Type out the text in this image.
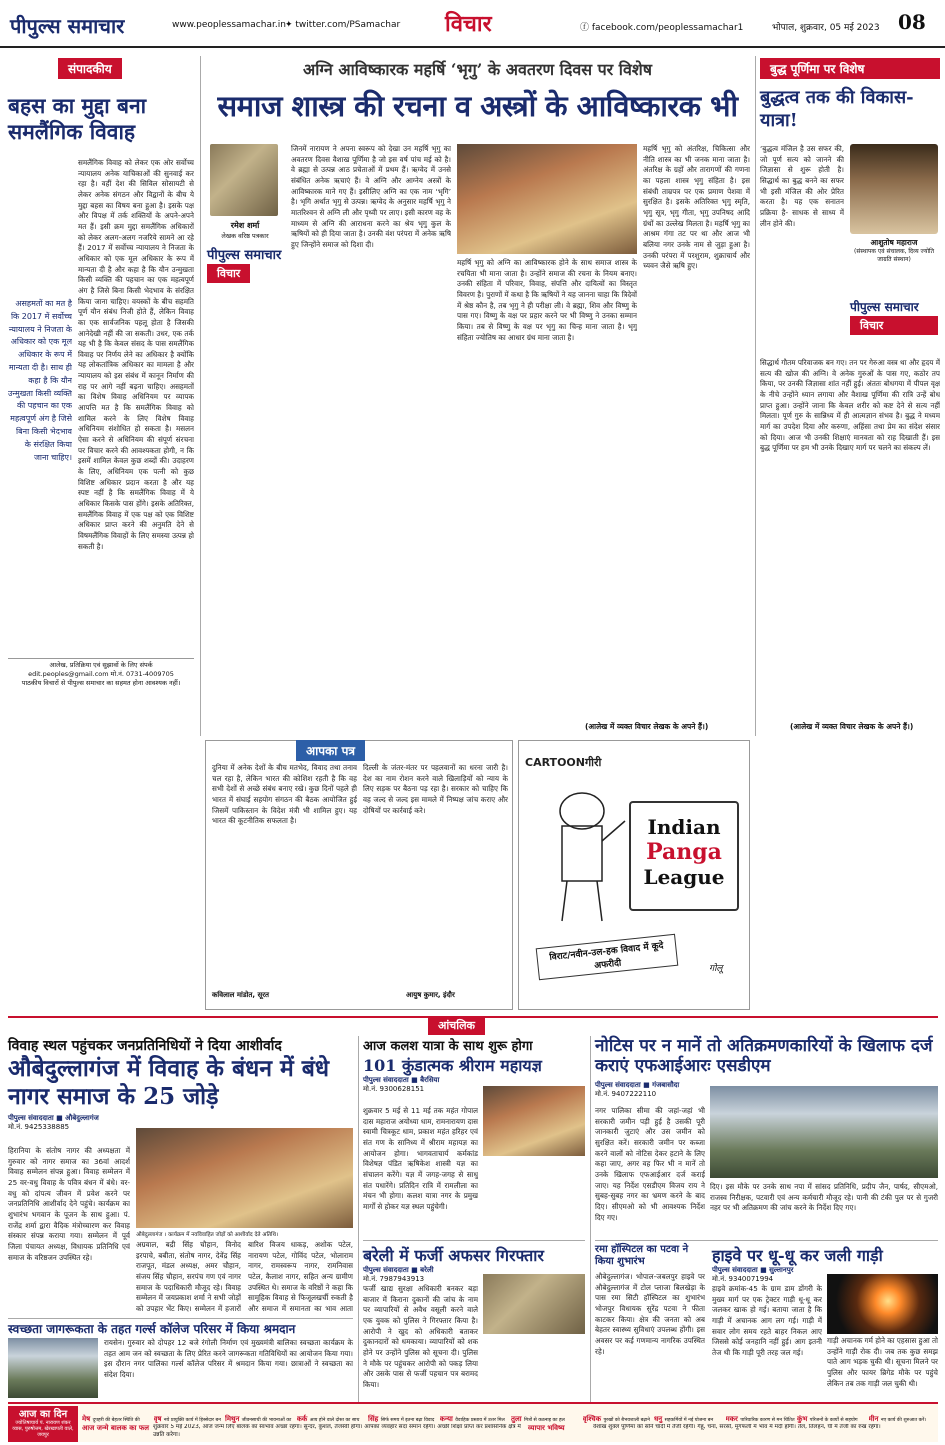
पीपुल्स समाचार	www.peoplessamachar.in ✦ twitter.com/PSamachar विचार	ⓕ facebook.com/peoplessamachar1	भोपाल, शुक्रवार, 05 मई 2023 08
संपादकीय
बहस का मुद्दा बना समलैंगिक विवाह
समलैंगिक विवाह को लेकर एक ओर सर्वोच्च न्यायालय अनेक याचिकाओं की सुनवाई कर रहा है। वहीं देश की सिविल सोसायटी से लेकर अनेक संगठन और विद्वानों के बीच ये मुद्दा बहस का विषय बना हुआ है। इसके पक्ष और विपक्ष में तर्क शक्तियों के अपने-अपने मत हैं। इसी क्रम मुद्दा समलैंगिक अधिकारों को लेकर अलग-अलग नजरिये सामने आ रहे हैं। 2017 में सर्वोच्च न्यायालय ने निजता के अधिकार को एक मूल अधिकार के रूप में मान्यता दी है और कहा है कि यौन उन्मुखता किसी व्यक्ति की पहचान का एक महत्वपूर्ण अंग है जिसे बिना किसी भेदभाव के संरक्षित किया जाना चाहिए। वयस्कों के बीच सहमति पूर्ण यौन संबंध निजी होते हैं, लेकिन विवाह का एक सार्वजनिक पहलू होता है जिसकी आनेदेखी नहीं की जा सकती। उधर, एक तर्क यह भी है कि केवल संसद के पास समलैंगिक विवाह पर निर्णय लेने का अधिकार है क्योंकि यह लोकतांत्रिक अधिकार का मामला है और न्यायालय को इस संबंध में कानून निर्माण की राह पर आगे नहीं बढ़ना चाहिए। असहमतों का विशेष विवाह अधिनियम पर व्यापक आपत्ति मत है कि समलैंगिक विवाह को शामिल करने के लिए विशेष विवाह अधिनियम संशोधित हो सकता है। मसलन ऐसा करने से अधिनियम की संपूर्ण संरचना पर विचार करने की आवश्यकता होगी, न कि इसमें शामिल केवल कुछ शब्दों की। उदाहरण के लिए, अधिनियम एक पत्नी को कुछ विशिष्ट अधिकार प्रदान करता है और यह स्पष्ट नहीं है कि समलैंगिक विवाह में ये अधिकार किसके पास होंगे। इसके अतिरिक्त, समलैंगिक विवाह में एक पक्ष को एक विशिष्ट अधिकार प्राप्त करने की अनुमति देने से विषमलैंगिक विवाहों के लिए समस्या उत्पन्न हो सकती है।
असहमतों का मत है कि 2017 में सर्वोच्च न्यायालय ने निजता के अधिकार को एक मूल अधिकार के रूप में मान्यता दी है। साथ ही कहा है कि यौन उन्मुखता किसी व्यक्ति की पहचान का एक महत्वपूर्ण अंग है जिसे बिना किसी भेदभाव के संरक्षित किया जाना चाहिए।
आलेख, प्रतिक्रिया एवं सुझावों के लिए संपर्क
edit.peoples@gmail.com मो.नं. 0731-4009705
पाठकीय विचारों से पीपुल्स समाचार का सहमत होना आवश्यक नहीं।
अग्नि आविष्कारक महर्षि ‘भृगु’ के अवतरण दिवस पर विशेष
समाज शास्त्र की रचना व अस्त्रों के आविष्कारक भी
रमेश शर्मा
लेखक वरिष्ठ पत्रकार
पीपुल्स समाचार
विचार
जिनमें नारायण ने अपना स्वरूप को देखा उन महर्षि भृगु का अवतरण दिवस वैशाख पूर्णिमा है जो इस वर्ष पांच मई को है। वे ब्रह्मा से उत्पन्न आठ प्रचेताओं में प्रथम हैं। ऋग्वेद में उनसे संबंधित अनेक ऋचाएं हैं। वे अग्नि और आग्नेय अस्त्रों के आविष्कारक माने गए हैं। इसीलिए अग्नि का एक नाम ‘भृगि’ है। भृगि अर्थात भृगु से उत्पन्न। ऋग्वेद के अनुसार महर्षि भृगु ने मातरिश्वन से अग्नि ली और पृथ्वी पर लाए। इसी कारण वह के माध्यम से अग्नि की आराधना करने का श्रेय भृगु कुल के ऋषियों को ही दिया जाता है। उनकी वंश परंपरा में अनेक ऋषि हुए जिन्होंने समाज को दिशा दी।
महर्षि भृगु को अग्नि का आविष्कारक होने के साथ समाज शास्त्र के रचयिता भी माना जाता है। उन्होंने समाज की रचना के नियम बनाए। उनकी संहिता में परिवार, विवाह, संपत्ति और दायित्वों का विस्तृत विवरण है। पुराणों में कथा है कि ऋषियों ने यह जानना चाहा कि त्रिदेवों में श्रेष्ठ कौन है, तब भृगु ने ही परीक्षा ली। वे ब्रह्मा, शिव और विष्णु के पास गए। विष्णु के वक्ष पर प्रहार करने पर भी विष्णु ने उनका सम्मान किया। तब से विष्णु के वक्ष पर भृगु का चिन्ह माना जाता है। भृगु संहिता ज्योतिष का आधार ग्रंथ माना जाता है।
महर्षि भृगु को अंतरिक्ष, चिकित्सा और नीति शास्त्र का भी जनक माना जाता है। अंतरिक्ष के ग्रहों और तारागणों की गणना का पहला शास्त्र भृगु संहिता है। इस संबंधी ताम्रपत्र पर एक प्रमाण पेशवा में सुरक्षित है। इसके अतिरिक्त भृगु स्मृति, भृगु सूत्र, भृगु गीता, भृगु उपनिषद आदि ग्रंथों का उल्लेख मिलता है। महर्षि भृगु का आश्रम गंगा तट पर था और आज भी बलिया नगर उनके नाम से जुड़ा हुआ है। उनकी परंपरा में परशुराम, शुक्राचार्य और च्यवन जैसे ऋषि हुए।
(आलेख में व्यक्त विचार लेखक के अपने हैं।)
बुद्ध पूर्णिमा पर विशेष
बुद्धत्व तक की विकास-यात्रा!
‘बुद्धत्व मंजिल है उस सफर की, जो पूर्ण सत्य को जानने की जिज्ञासा से शुरू होती है। सिद्धार्थ का बुद्ध बनने का सफर भी इसी मंजिल की ओर प्रेरित करता है। यह एक सनातन प्रक्रिया है- साधक से साध्य में लीन होने की।
आशुतोष महाराज
(संस्थापक एवं संचालक, दिव्य ज्योति जाग्रति संस्थान)
पीपुल्स समाचार
विचार
सिद्धार्थ गौतम परिवाजक बन गए। तन पर गेरुआ वस्त्र था और हृदय में सत्य की खोज की अग्नि। वे अनेक गुरुओं के पास गए, कठोर तप किया, पर उनकी जिज्ञासा शांत नहीं हुई। अंततः बोधगया में पीपल वृक्ष के नीचे उन्होंने ध्यान लगाया और वैशाख पूर्णिमा की रात्रि उन्हें बोध प्राप्त हुआ। उन्होंने जाना कि केवल शरीर को कष्ट देने से सत्य नहीं मिलता। पूर्ण गुरु के सान्निध्य में ही आत्मज्ञान संभव है। बुद्ध ने मध्यम मार्ग का उपदेश दिया और करुणा, अहिंसा तथा प्रेम का संदेश संसार को दिया। आज भी उनकी शिक्षाएं मानवता को राह दिखाती हैं। इस बुद्ध पूर्णिमा पर हम भी उनके दिखाए मार्ग पर चलने का संकल्प लें।
(आलेख में व्यक्त विचार लेखक के अपने हैं।)
आपका पत्र
दुनिया में अनेक देशों के बीच मतभेद, विवाद तथा तनाव चल रहा है, लेकिन भारत की कोशिश रहती है कि वह सभी देशों से अच्छे संबंध बनाए रखे। कुछ दिनों पहले ही भारत में संघाई सहयोग संगठन की बैठक आयोजित हुई जिसमें पाकिस्तान के विदेश मंत्री भी शामिल हुए। यह भारत की कूटनीतिक सफलता है।
कविलाल मांडोत, सूरत
दिल्ली के जंतर-मंतर पर पहलवानों का धरना जारी है। देश का नाम रोशन करने वाले खिलाड़ियों को न्याय के लिए सड़क पर बैठना पड़ रहा है। सरकार को चाहिए कि वह जल्द से जल्द इस मामले में निष्पक्ष जांच कराए और दोषियों पर कार्रवाई करे।
आयुष कुमार, इंदौर
CARTOONगीरी
Indian
Panga
League
विराट/नवीन-उल-हक विवाद में कूदे अफरीदी	गोलू
आंचलिक
विवाह स्थल पहुंचकर जनप्रतिनिधियों ने दिया आशीर्वाद
औबेदुल्लागंज में विवाह के बंधन में बंधे नागर समाज के 25 जोड़े
पीपुल्स संवाददाता ■ औबेदुल्लागंज
मो.नं. 9425338885
हिरानिया के संतोष नागर की अध्यक्षता में गुरुवार को नागर समाज का 36वां आदर्श विवाह सम्मेलन संपन्न हुआ। विवाह सम्मेलन में 25 वर-वधु विवाह के पवित्र बंधन में बंधे। वर-वधु को दांपत्य जीवन में प्रवेश करने पर जनप्रतिनिधि आशीर्वाद देने पहुंचे। कार्यक्रम का शुभारंभ भगवान के पूजन के साथ हुआ। पं. राजेंद्र शर्मा द्वारा वैदिक मंत्रोच्चारण कर विवाह संस्कार संपन्न कराया गया। सम्मेलन में पूर्व जिला पंचायत अध्यक्ष, विधायक प्रतिनिधि एवं समाज के वरिष्ठजन उपस्थित रहे।
औबेदुल्लागंज । कार्यक्रम में नवविवाहित जोड़ों को आशीर्वाद देते अतिथि।
अग्रवाल, बद्री सिंह चौहान, विनोद इरपाचे, बबीता, संतोष नागर, देवेंद्र सिंह राजपूत, मंडल अध्यक्ष, अमर चौहान, संजय सिंह चौहान, सरपंच गण एवं नागर समाज के पदाधिकारी मौजूद रहे। विवाह सम्मेलन में जयप्रकाश शर्मा ने सभी जोड़ों को उपहार भेंट किए। सम्मेलन में हजारों
बारिश विजय धाकड़, अशोक पटेल, नारायण पटेल, गोविंद पटेल, भोलाराम नागर, रामस्वरूप नागर, रामनिवास पटेल, कैलाश नागर, सहित अन्य ग्रामीण उपस्थित थे। समाज के वरिष्ठों ने कहा कि सामूहिक विवाह से फिजूलखर्ची रुकती है और समाज में समानता का भाव आता
स्वच्छता जागरूकता के तहत गर्ल्स कॉलेज परिसर में किया श्रमदान
रायसेन। गुरुवार को दोपहर 12 बजे रंगोली निर्माण एवं मुख्यमंत्री बालिका स्वच्छता कार्यक्रम के तहत आम जन को स्वच्छता के लिए प्रेरित करने जागरूकता गतिविधियों का आयोजन किया गया। इस दौरान नगर पालिका गर्ल्स कॉलेज परिसर में श्रमदान किया गया। छात्राओं ने स्वच्छता का संदेश दिया।
आज कलश यात्रा के साथ शुरू होगा
101 कुंडात्मक श्रीराम महायज्ञ
पीपुल्स संवाददाता ■ बैरसिया
मो.नं. 9300628151
शुक्रवार 5 मई से 11 मई तक महंत गोपाल दास महाराज अयोध्या धाम, रामनारायण दास स्वामी चित्रकूट धाम, प्रकाश महंत हरिहर एवं संत गण के सानिध्य में श्रीराम महायज्ञ का आयोजन होगा। भागवताचार्य कर्मकांड विशेषज्ञ पंडित ऋषिकेश शास्त्री यज्ञ का संचालन करेंगे। यज्ञ में जगह-जगह से साधु संत पधारेंगे। प्रतिदिन रात्रि में रामलीला का मंचन भी होगा। कलश यात्रा नगर के प्रमुख मार्गों से होकर यज्ञ स्थल पहुंचेगी।
बरेली में फर्जी अफसर गिरफ्तार
पीपुल्स संवाददाता ■ बरेली
मो.नं. 7987943913
फर्जी खाद्य सुरक्षा अधिकारी बनकर बड़ा बाजार में किराना दुकानों की जांच के नाम पर व्यापारियों से अवैध वसूली करने वाले एक युवक को पुलिस ने गिरफ्तार किया है। आरोपी ने खुद को अधिकारी बताकर दुकानदारों को धमकाया। व्यापारियों को शक होने पर उन्होंने पुलिस को सूचना दी। पुलिस ने मौके पर पहुंचकर आरोपी को पकड़ लिया और उसके पास से फर्जी पहचान पत्र बरामद किया।
नोटिस पर न मानें तो अतिक्रमणकारियों के खिलाफ दर्ज कराएं एफआईआरः एसडीएम
पीपुल्स संवाददाता ■ गंजबासौदा
मो.नं. 9407222110
नगर पालिका सीमा की जहां-जहां भी सरकारी जमीन पड़ी हुई है उसकी पूरी जानकारी जुटाएं और उस जमीन को सुरक्षित करें। सरकारी जमीन पर कब्जा करने वालों को नोटिस देकर हटाने के लिए कहा जाए, अगर वह फिर भी न मानें तो उनके खिलाफ एफआईआर दर्ज कराई जाए। यह निर्देश एसडीएम विजय राय ने सुबह-सुबह नगर का भ्रमण करने के बाद दिए। सीएमओ को भी आवश्यक निर्देश दिए गए।
दिए। इस मौके पर उनके साथ नपा में सांसद प्रतिनिधि, प्रदीप जैन, पार्षद, सीएमओ, राजस्व निरीक्षक, पटवारी एवं अन्य कर्मचारी मौजूद रहे। पानी की टंकी पुल पर से गुजरी नहर पर भी अतिक्रमण की जांच करने के निर्देश दिए गए।
रमा हॉस्पिटल का पटवा ने किया शुभारंभ
औबेदुल्लागंज। भोपाल-जबलपुर हाइवे पर औबेदुल्लागंज में टोल प्लाजा बिलखेड़ा के पास रमा सिटी हॉस्पिटल का शुभारंभ भोजपुर विधायक सुरेंद्र पटवा ने फीता काटकर किया। क्षेत्र की जनता को अब बेहतर स्वास्थ्य सुविधाएं उपलब्ध होंगी। इस अवसर पर कई गणमान्य नागरिक उपस्थित रहे।
हाइवे पर धू-धू कर जली गाड़ी
पीपुल्स संवाददाता ■ सुल्तानपुर
मो.नं. 9340071994
हाइवे क्रमांक-45 के ग्राम डाम डोंगरी के मुख्य मार्ग पर एक ट्रेक्टर गाड़ी धू-धू कर जलकर खाक हो गई। बताया जाता है कि गाड़ी में अचानक आग लग गई। गाड़ी में सवार लोग समय रहते बाहर निकल आए जिससे कोई जनहानि नहीं हुई। आग इतनी तेज थी कि गाड़ी पूरी तरह जल गई।
गाड़ी अचानक गर्म होने का एहसास हुआ तो उन्होंने गाड़ी रोक दी। जब तक कुछ समझ पाते आग भड़क चुकी थी। सूचना मिलने पर पुलिस और फायर ब्रिगेड मौके पर पहुंचे लेकिन तब तक गाड़ी जल चुकी थी।
आज का दिन
ज्योतिषाचार्य पं. नारायण शंकर व्यास, पुरुषोत्तम, खेरखापती वाले, जयपुर
मेष दुपहरी की बेहतर स्थिति की	वृष नये प्रायुक्ति कार्य में हिस्सेदार बन मिथुन जीवनसाथी की भावनाओं का कर्क आय होने वाले दोस्त का साथ	सिंह सिर्फ समय में इतना बढ़ा विवाद कन्या वैवाहिक प्रस्ताव में उत्तर मिल तुला मित्रों से कठनाइ का हल	वृश्चिक पुरखों को बैभवशाली बढ़ाने धनु सहकर्मियों में नई योजना बन	मकर पारिवारिक कारण से मन चिंतित कुंभ परिजनों के कार्यों से सहयोग	मीन नए कार्य की शुरुआत करें।
आज जन्मे बालक का फल शुक्रवार 5 मई 2023, आज जन्म लिए बालक का स्वभाव अच्छा रहेगा। सुन्दर, कुशल, तेजस्वी होगा। आपका व्यवहार सदा समान रहेगा। अच्छी शिक्षा प्राप्त कर प्रशासनिक क्षेत्र में उन्नति करेगा।
व्यापार भविष्य	वैशाख शुक्ल पूर्णिमा को सोने चांदी में तेजी रहेगी। गेहूं, चना, सरसों, मूंगफली में भाव में मंदी होगी। तेल, तिलहन, घी में तेजी का रुख रहेगा।
